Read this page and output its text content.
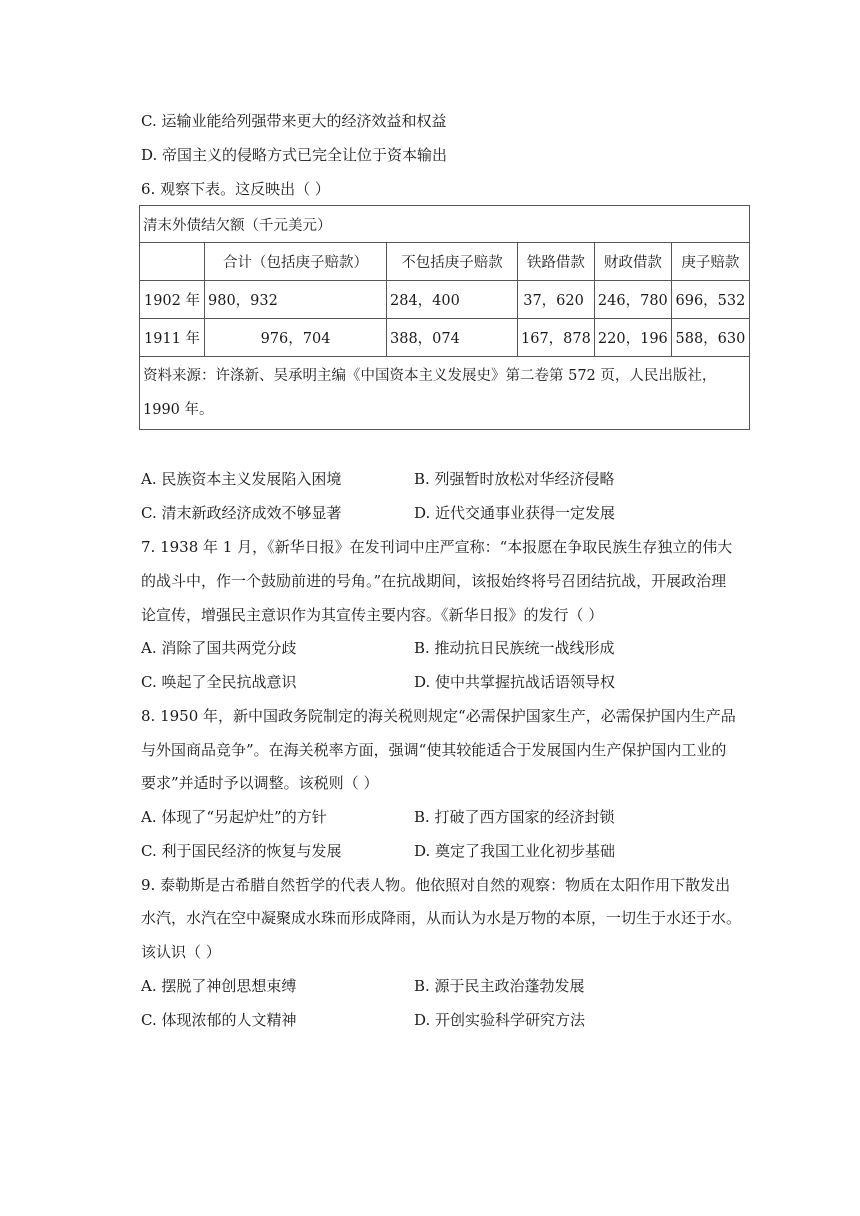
C. 运输业能给列强带来更大的经济效益和权益
D. 帝国主义的侵略方式已完全让位于资本输出
6. 观察下表。这反映出（ ）
清末外债结欠额（千元美元）					
	合计（包括庚子赔款）	不包括庚子赔款	铁路借款	财政借款	庚子赔款
1902 年	980，932	284，400	37，620	246，780	696，532
1911 年	976，704	388，074	167，878	220，196	588，630
资料来源：许涤新、吴承明主编《中国资本主义发展史》第二卷第 572 页，人民出版社，1990 年。					
A. 民族资本主义发展陷入困境	B. 列强暂时放松对华经济侵略
C. 清末新政经济成效不够显著	D. 近代交通事业获得一定发展
7. 1938 年 1 月，《新华日报》在发刊词中庄严宣称：“本报愿在争取民族生存独立的伟大
的战斗中，作一个鼓励前进的号角。”在抗战期间，该报始终将号召团结抗战，开展政治理
论宣传，增强民主意识作为其宣传主要内容。《新华日报》的发行（ ）
A. 消除了国共两党分歧	B. 推动抗日民族统一战线形成
C. 唤起了全民抗战意识	D. 使中共掌握抗战话语领导权
8. 1950 年，新中国政务院制定的海关税则规定“必需保护国家生产，必需保护国内生产品
与外国商品竞争”。在海关税率方面，强调“使其较能适合于发展国内生产保护国内工业的
要求”并适时予以调整。该税则（ ）
A. 体现了“另起炉灶”的方针	B. 打破了西方国家的经济封锁
C. 利于国民经济的恢复与发展	D. 奠定了我国工业化初步基础
9. 泰勒斯是古希腊自然哲学的代表人物。他依照对自然的观察：物质在太阳作用下散发出
水汽，水汽在空中凝聚成水珠而形成降雨，从而认为水是万物的本原，一切生于水还于水。
该认识（ ）
A. 摆脱了神创思想束缚	B. 源于民主政治蓬勃发展
C. 体现浓郁的人文精神	D. 开创实验科学研究方法
